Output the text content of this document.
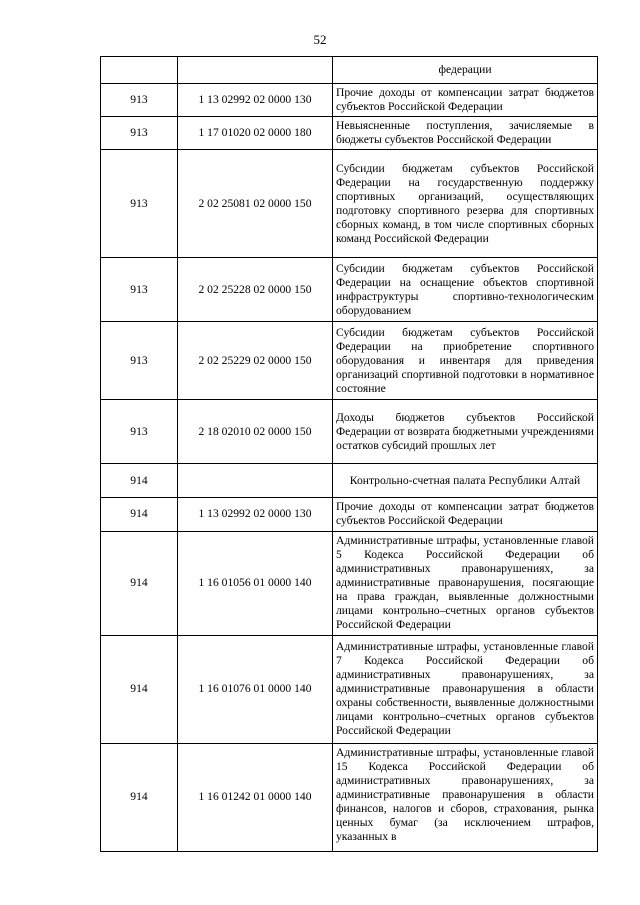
52
		федерации
913	1 13 02992 02 0000 130	Прочие доходы от компенсации затрат бюджетов субъектов Российской Федерации
913	1 17 01020 02 0000 180	Невыясненные поступления, зачисляемые в бюджеты субъектов Российской Федерации
913	2 02 25081 02 0000 150	Субсидии бюджетам субъектов Российской Федерации на государственную поддержку спортивных организаций, осуществляющих подготовку спортивного резерва для спортивных сборных команд, в том числе спортивных сборных команд Российской Федерации
913	2 02 25228 02 0000 150	Субсидии бюджетам субъектов Российской Федерации на оснащение объектов спортивной инфраструктуры спортивно-технологическим оборудованием
913	2 02 25229 02 0000 150	Субсидии бюджетам субъектов Российской Федерации на приобретение спортивного оборудования и инвентаря для приведения организаций спортивной подготовки в нормативное состояние
913	2 18 02010 02 0000 150	Доходы бюджетов субъектов Российской Федерации от возврата бюджетными учреждениями остатков субсидий прошлых лет
914		Контрольно-счетная палата Республики Алтай
914	1 13 02992 02 0000 130	Прочие доходы от компенсации затрат бюджетов субъектов Российской Федерации
914	1 16 01056 01 0000 140	Административные штрафы, установленные главой 5 Кодекса Российской Федерации об административных правонарушениях, за административные правонарушения, посягающие на права граждан, выявленные должностными лицами контрольно–счетных органов субъектов Российской Федерации
914	1 16 01076 01 0000 140	Административные штрафы, установленные главой 7 Кодекса Российской Федерации об административных правонарушениях, за административные правонарушения в области охраны собственности, выявленные должностными лицами контрольно–счетных органов субъектов Российской Федерации
914	1 16 01242 01 0000 140	Административные штрафы, установленные главой 15 Кодекса Российской Федерации об административных правонарушениях, за административные правонарушения в области финансов, налогов и сборов, страхования, рынка ценных бумаг (за исключением штрафов, указанных в
